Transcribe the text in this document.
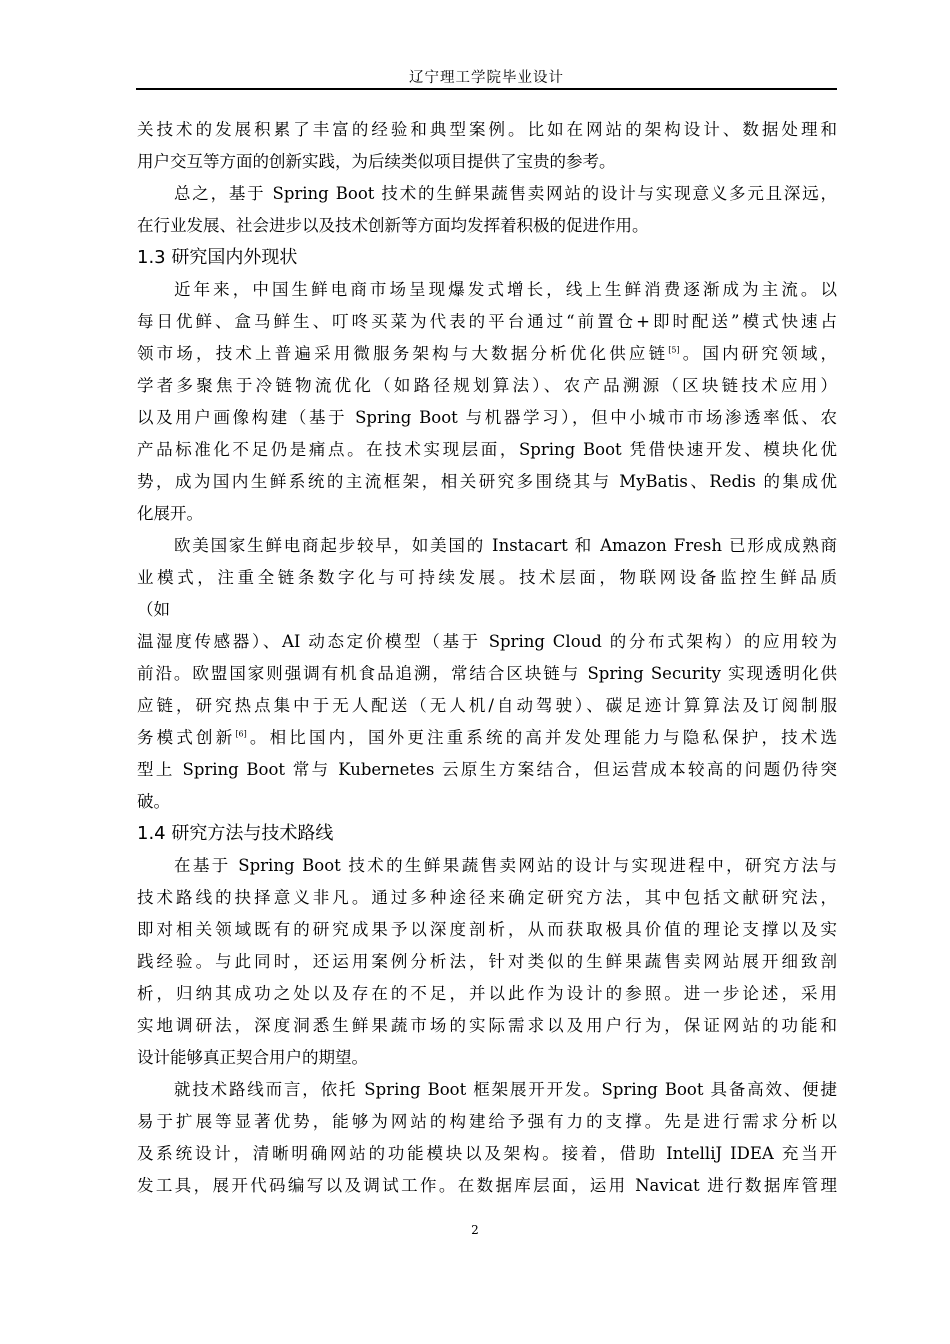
辽宁理工学院毕业设计
关技术的发展积累了丰富的经验和典型案例。比如在网站的架构设计、数据处理和
用户交互等方面的创新实践，为后续类似项目提供了宝贵的参考。
总之，基于 Spring Boot 技术的生鲜果蔬售卖网站的设计与实现意义多元且深远，
在行业发展、社会进步以及技术创新等方面均发挥着积极的促进作用。
1.3 研究国内外现状
近年来，中国生鲜电商市场呈现爆发式增长，线上生鲜消费逐渐成为主流。以
每日优鲜、盒马鲜生、叮咚买菜为代表的平台通过“前置仓+即时配送”模式快速占
领市场，技术上普遍采用微服务架构与大数据分析优化供应链[5]。国内研究领域，
学者多聚焦于冷链物流优化（如路径规划算法）、农产品溯源（区块链技术应用）
以及用户画像构建（基于 Spring Boot 与机器学习），但中小城市市场渗透率低、农
产品标准化不足仍是痛点。在技术实现层面，Spring Boot 凭借快速开发、模块化优
势，成为国内生鲜系统的主流框架，相关研究多围绕其与 MyBatis、Redis 的集成优
化展开。
欧美国家生鲜电商起步较早，如美国的 Instacart 和 Amazon Fresh 已形成成熟商
业模式，注重全链条数字化与可持续发展。技术层面，物联网设备监控生鲜品质
（如
温湿度传感器）、AI 动态定价模型（基于 Spring Cloud 的分布式架构）的应用较为
前沿。欧盟国家则强调有机食品追溯，常结合区块链与 Spring Security 实现透明化供
应链，研究热点集中于无人配送（无人机/自动驾驶）、碳足迹计算算法及订阅制服
务模式创新[6]。相比国内，国外更注重系统的高并发处理能力与隐私保护，技术选
型上 Spring Boot 常与 Kubernetes 云原生方案结合，但运营成本较高的问题仍待突
破。
1.4 研究方法与技术路线
在基于 Spring Boot 技术的生鲜果蔬售卖网站的设计与实现进程中，研究方法与
技术路线的抉择意义非凡。通过多种途径来确定研究方法，其中包括文献研究法，
即对相关领域既有的研究成果予以深度剖析，从而获取极具价值的理论支撑以及实
践经验。与此同时，还运用案例分析法，针对类似的生鲜果蔬售卖网站展开细致剖
析，归纳其成功之处以及存在的不足，并以此作为设计的参照。进一步论述，采用
实地调研法，深度洞悉生鲜果蔬市场的实际需求以及用户行为，保证网站的功能和
设计能够真正契合用户的期望。
就技术路线而言，依托 Spring Boot 框架展开开发。Spring Boot 具备高效、便捷
易于扩展等显著优势，能够为网站的构建给予强有力的支撑。先是进行需求分析以
及系统设计，清晰明确网站的功能模块以及架构。接着，借助 IntelliJ IDEA 充当开
发工具，展开代码编写以及调试工作。在数据库层面，运用 Navicat 进行数据库管理
2
